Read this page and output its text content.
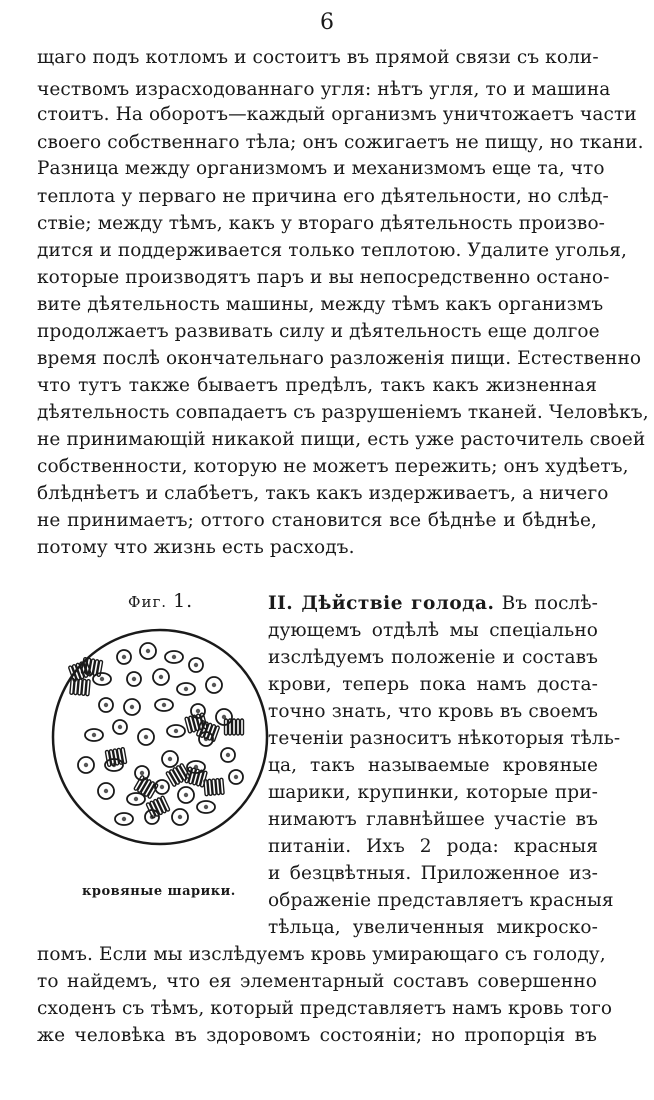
6
щаго подъ котломъ и состоитъ въ прямой связи съ коли-
чествомъ израсходованнаго угля: нѣтъ угля, то и машина
стоитъ. На оборотъ—каждый организмъ уничтожаетъ части
своего собственнаго тѣла; онъ сожигаетъ не пищу, но ткани.
Разница между организмомъ и механизмомъ еще та, что
теплота у перваго не причина его дѣятельности, но слѣд-
ствіе; между тѣмъ, какъ у втораго дѣятельность произво-
дится и поддерживается только теплотою. Удалите уголья,
которые производятъ паръ и вы непосредственно остано-
вите дѣятельность машины, между тѣмъ какъ организмъ
продолжаетъ развивать силу и дѣятельность еще долгое
время послѣ окончательнаго разложенія пищи. Естественно
что тутъ также бываетъ предѣлъ, такъ какъ жизненная
дѣятельность совпадаетъ съ разрушеніемъ тканей. Человѣкъ,
не принимающій никакой пищи, есть уже расточитель своей
собственности, которую не можетъ пережить; онъ худѣетъ,
блѣднѣетъ и слабѣетъ, такъ какъ издерживаетъ, а ничего
не принимаетъ; оттого становится все бѣднѣе и бѣднѣе,
потому что жизнь есть расходъ.
Фиг. 1.
кровяные шарики.
II. Дѣйствіе голода. Въ послѣ-
дующемъ отдѣлѣ мы спеціально
изслѣдуемъ положеніе и составъ
крови, теперь пока намъ доста-
точно знать, что кровь въ своемъ
теченіи разноситъ нѣкоторыя тѣль-
ца, такъ называемые кровяные
шарики, крупинки, которые при-
нимаютъ главнѣйшее участіе въ
питаніи. Ихъ 2 рода: красныя
и безцвѣтныя. Приложенное из-
ображеніе представляетъ красныя
тѣльца, увеличенныя микроско-
помъ. Если мы изслѣдуемъ кровь умирающаго съ голоду,
то найдемъ, что ея элементарный составъ совершенно
сходенъ съ тѣмъ, который представляетъ намъ кровь того
же человѣка въ здоровомъ состояніи; но пропорція въ
